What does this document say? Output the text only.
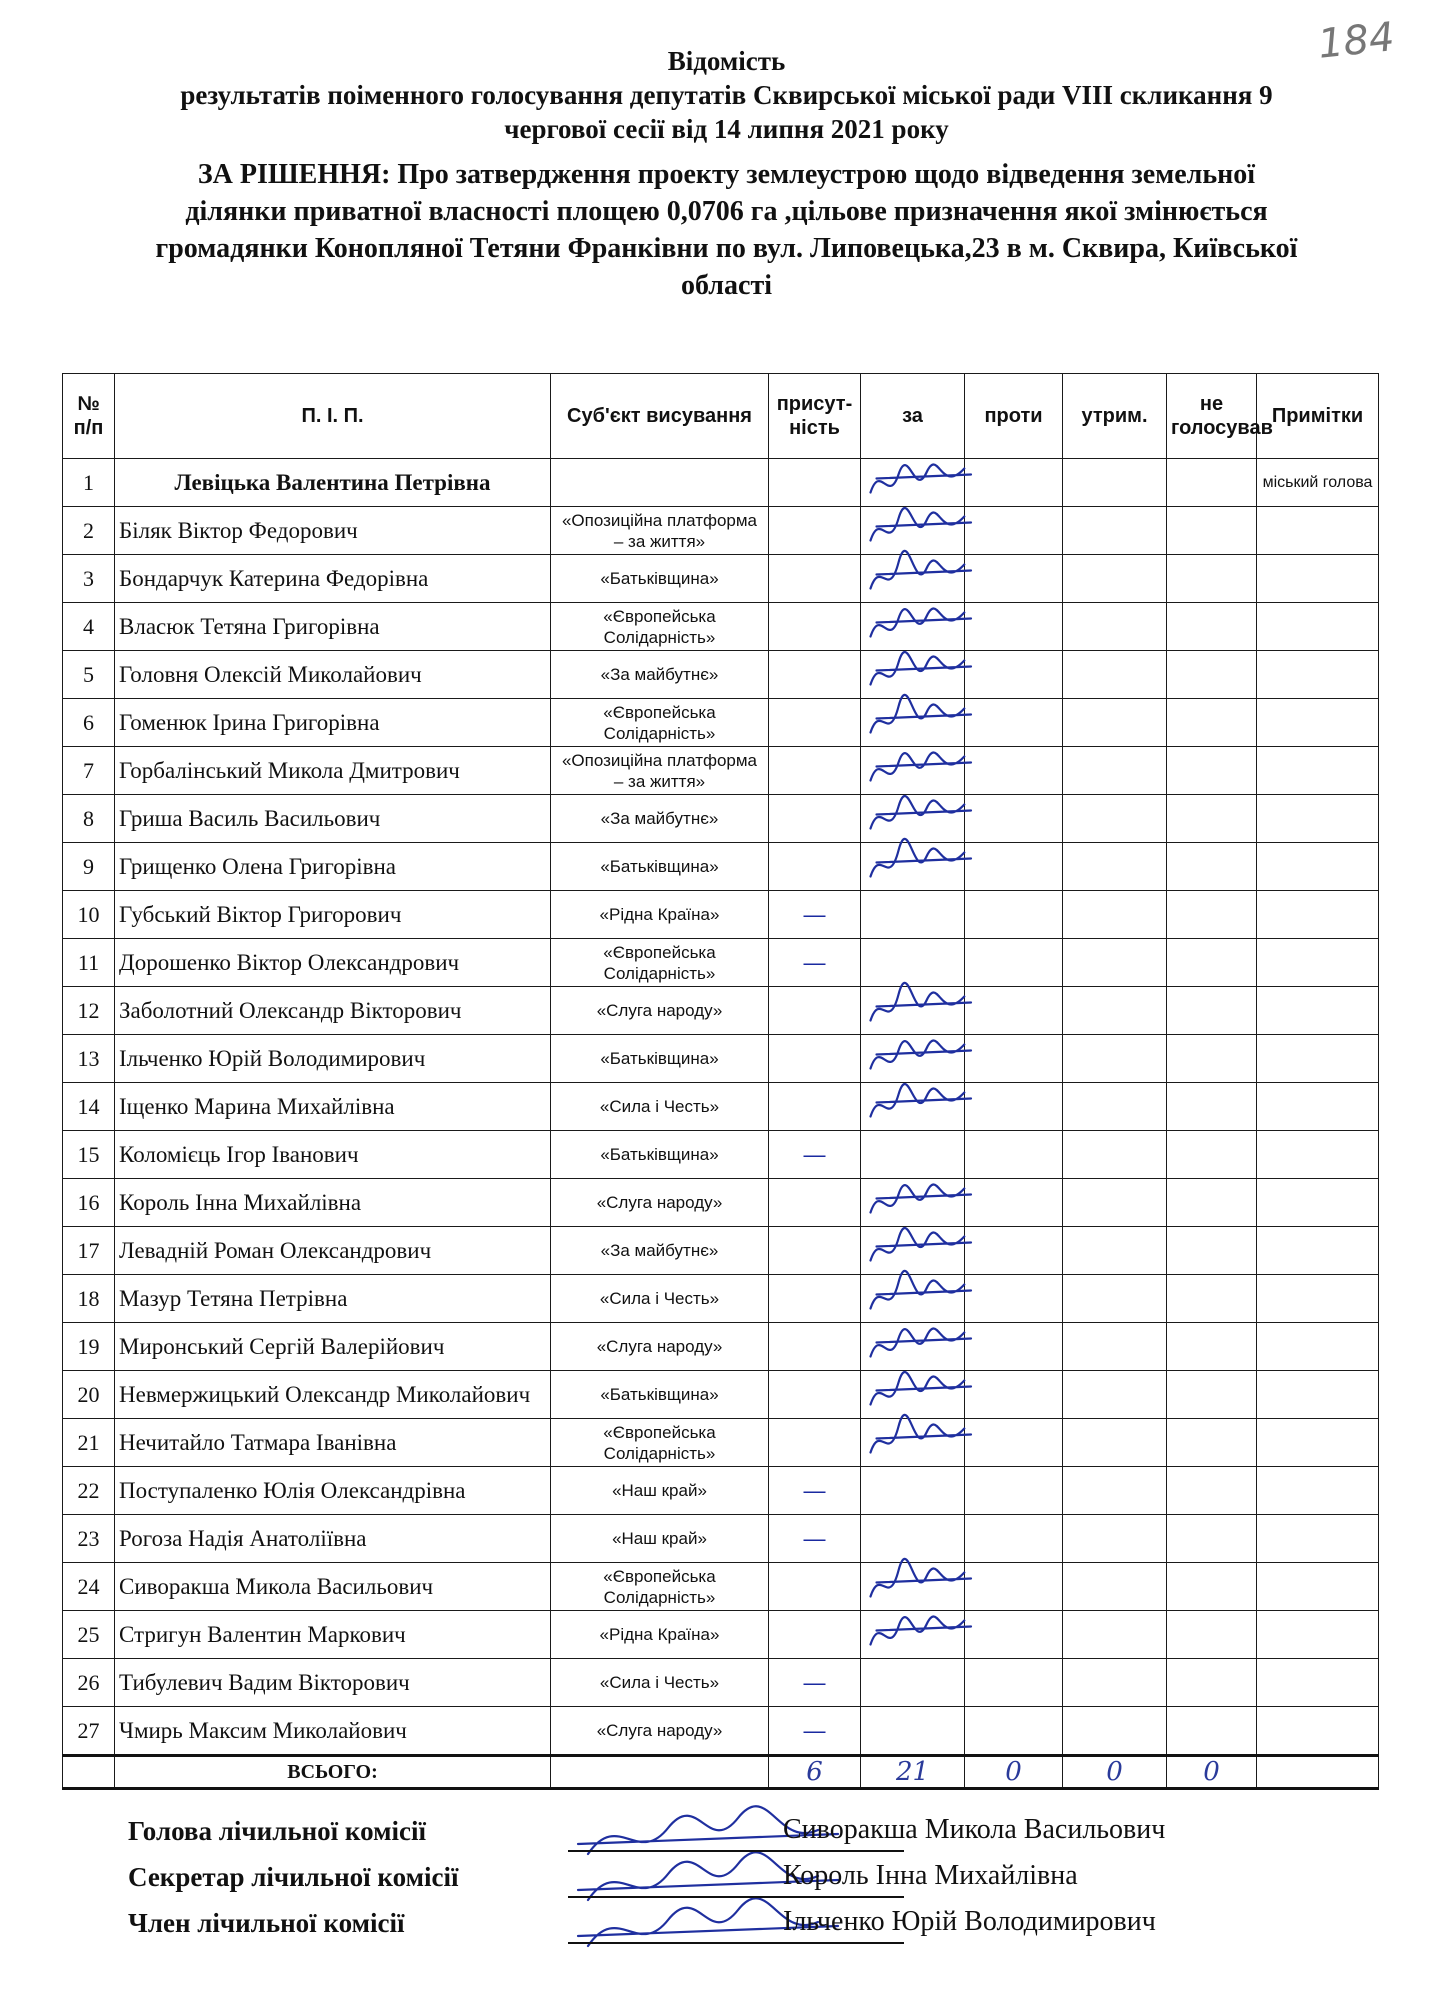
184
Відомість
результатів поіменного голосування депутатів Сквирської міської ради VIII скликання 9
чергової сесії від 14 липня 2021 року
ЗА РІШЕННЯ: Про затвердження проекту землеустрою щодо відведення земельної
ділянки приватної власності площею 0,0706 га ,цільове призначення якої змінюється
громадянки Коноплянoї Тетяни Франківни по вул. Липовецька,23 в м. Сквира, Київської
області
№ п/п	П. І. П.	Суб'єкт висування	присут-ність	за	проти	утрим.	не голосував	Примітки
1	Левіцька Валентина Петрівна							міський голова
2	Біляк Віктор Федорович	«Опозиційна платформа – за життя»						
3	Бондарчук Катерина Федорівна	«Батьківщина»						
4	Власюк Тетяна Григорівна	«Європейська Солідарність»						
5	Головня Олексій Миколайович	«За майбутнє»						
6	Гоменюк Ірина Григорівна	«Європейська Солідарність»						
7	Горбалінський Микола Дмитрович	«Опозиційна платформа – за життя»						
8	Гриша Василь Васильович	«За майбутнє»						
9	Грищенко Олена Григорівна	«Батьківщина»						
10	Губський Віктор Григорович	«Рідна Країна»	—					
11	Дорошенко Віктор Олександрович	«Європейська Солідарність»	—					
12	Заболотний Олександр Вікторович	«Слуга народу»						
13	Ільченко Юрій Володимирович	«Батьківщина»						
14	Іщенко Марина Михайлівна	«Сила і Честь»						
15	Коломієць Ігор Іванович	«Батьківщина»	—					
16	Король Інна Михайлівна	«Слуга народу»						
17	Левадній Роман Олександрович	«За майбутнє»						
18	Мазур Тетяна Петрівна	«Сила і Честь»						
19	Миронський Сергій Валерійович	«Слуга народу»						
20	Невмержицький Олександр Миколайович	«Батьківщина»						
21	Нечитайло Татмара Іванівна	«Європейська Солідарність»						
22	Поступаленко Юлія Олександрівна	«Наш край»	—					
23	Рогоза Надія Анатоліївна	«Наш край»	—					
24	Сиворакша Микола Васильович	«Європейська Солідарність»						
25	Стригун Валентин Маркович	«Рідна Країна»						
26	Тибулевич Вадим Вікторович	«Сила і Честь»	—					
27	Чмирь Максим Миколайович	«Слуга народу»	—					
	ВСЬОГО:		6	21	0	0	0	
Голова лічильної комісії	Сиворакша Микола Васильович
Секретар лічильної комісії	Король Інна Михайлівна
Член лічильної комісії	Ільченко Юрій Володимирович
